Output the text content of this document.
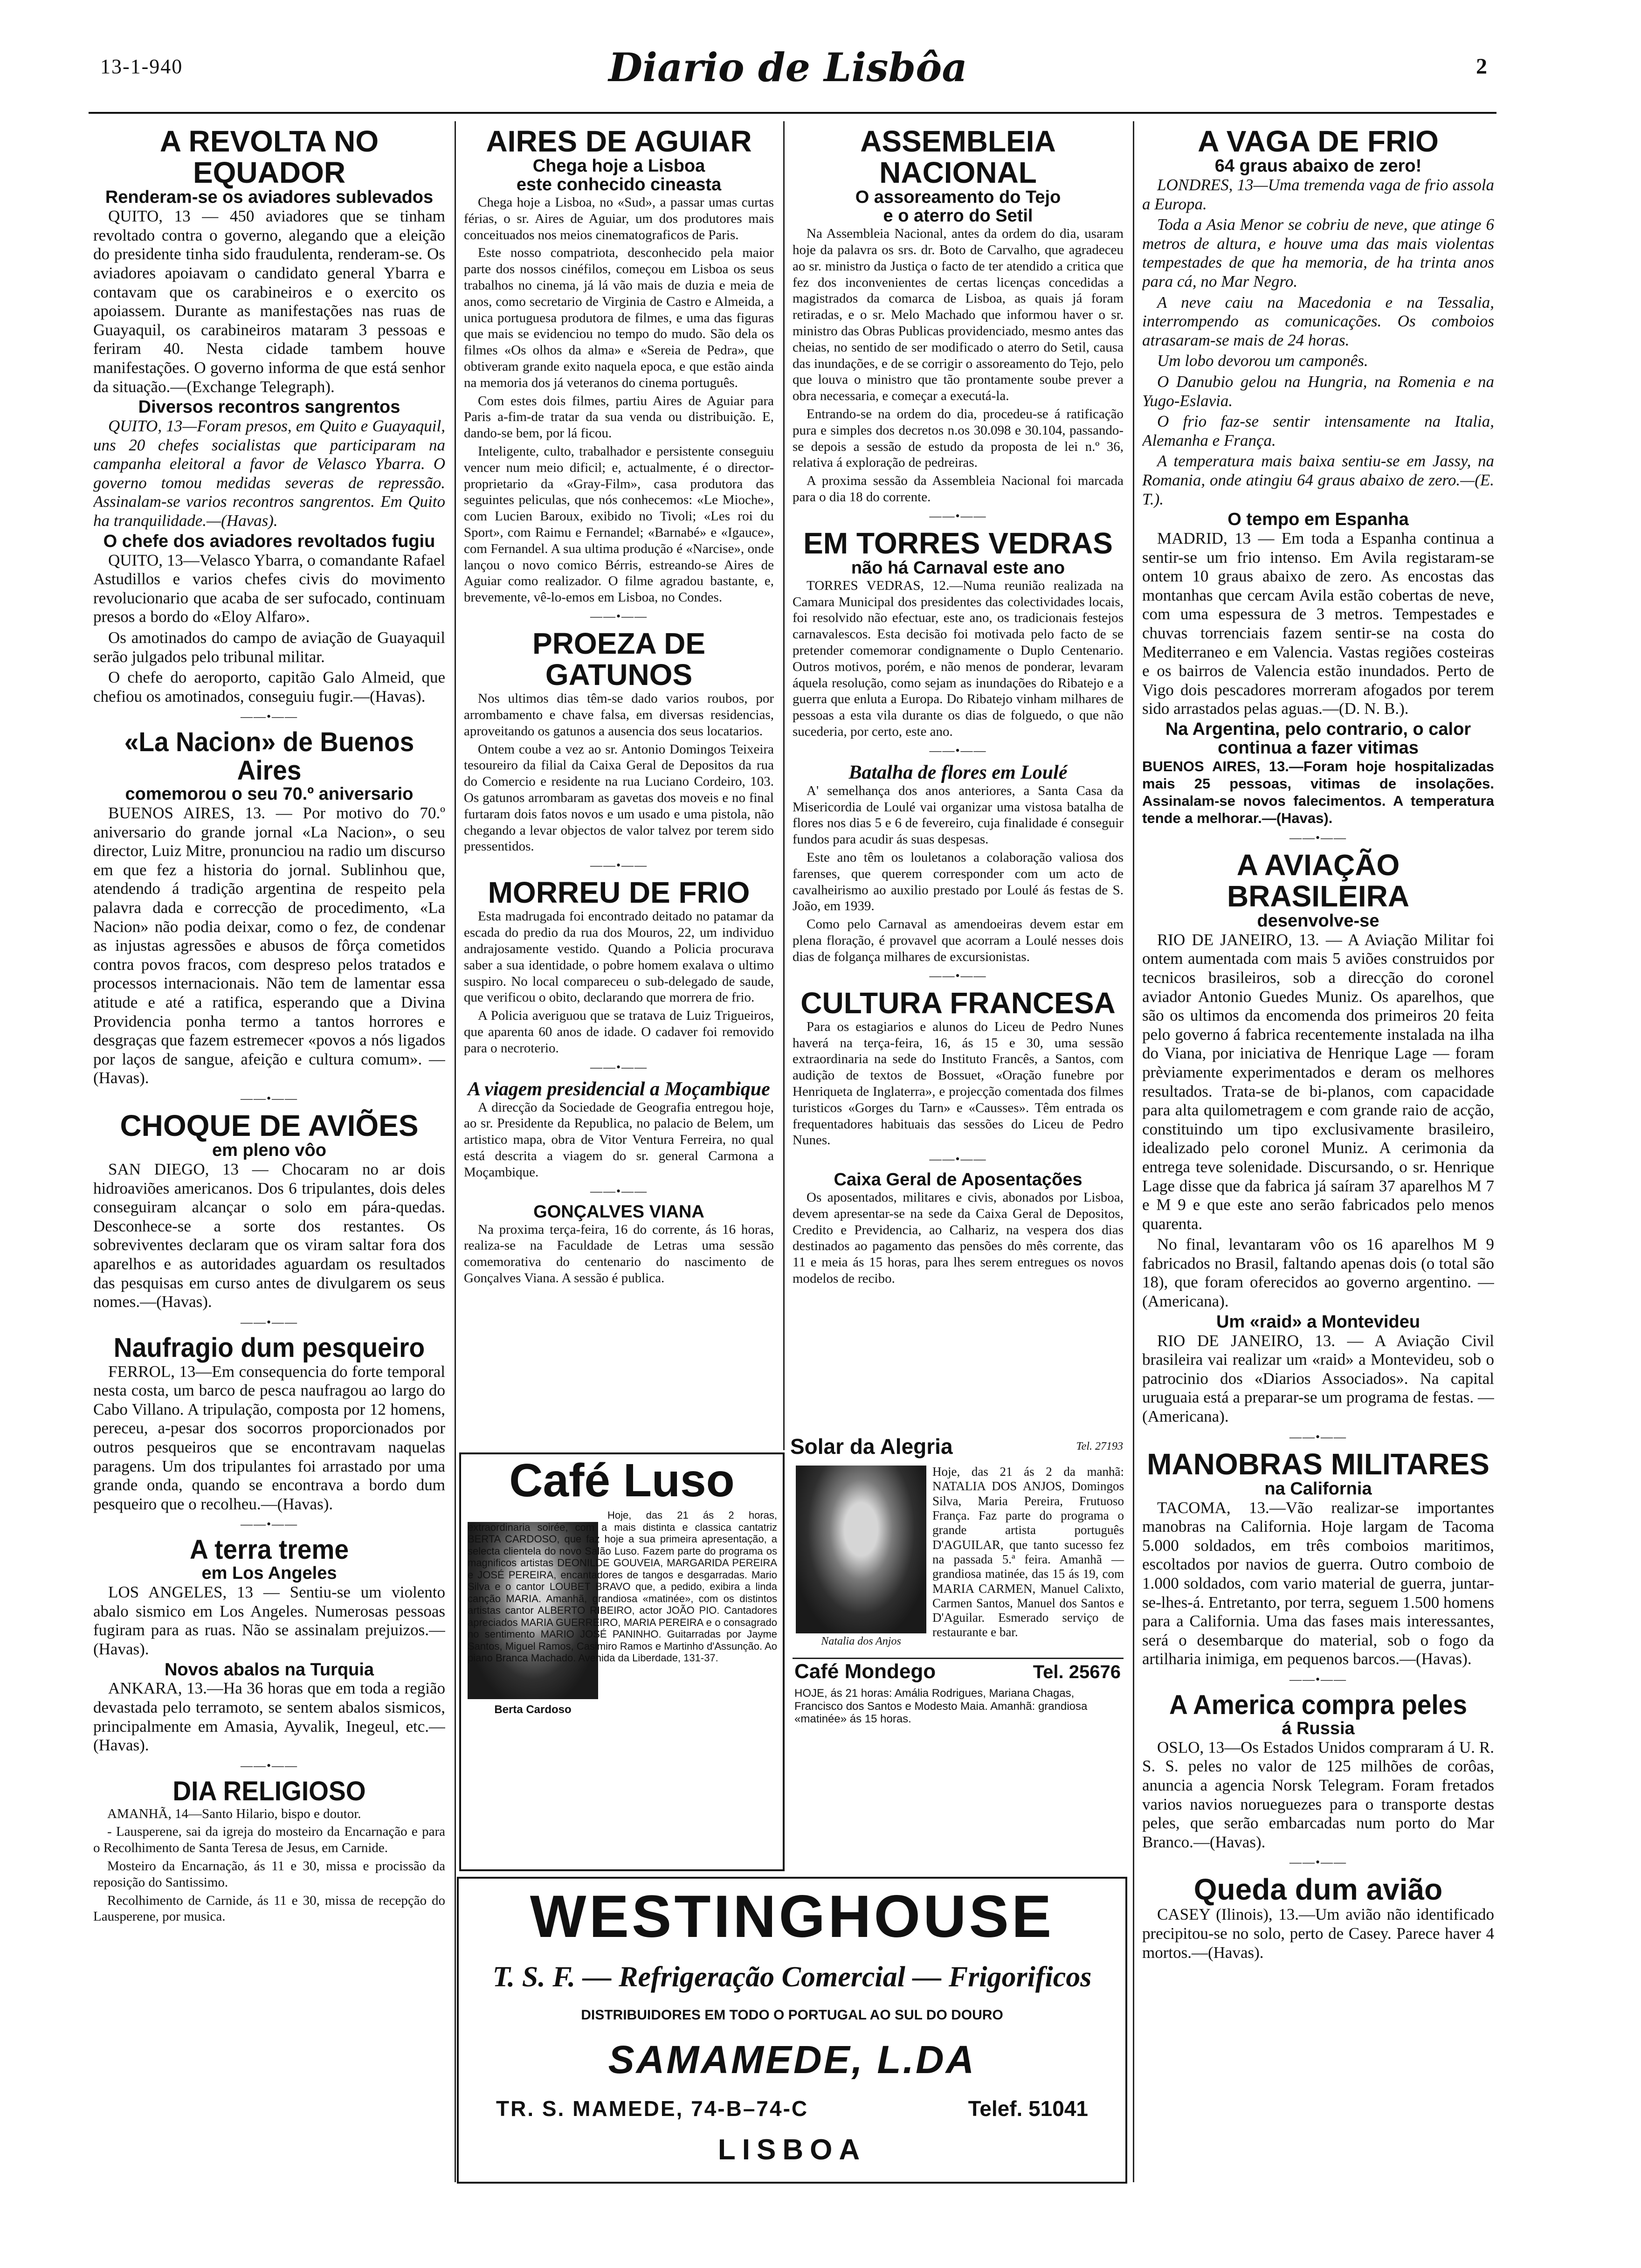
13-1-940	Diario de Lisbôa	2
A REVOLTA NO EQUADOR
Renderam-se os aviadores sublevados
QUITO, 13 — 450 aviadores que se tinham revoltado contra o governo, alegando que a eleição do presidente tinha sido fraudulenta, renderam-se. Os aviadores apoiavam o candidato general Ybarra e contavam que os carabineiros e o exercito os apoiassem. Durante as manifestações nas ruas de Guayaquil, os carabineiros mataram 3 pessoas e feriram 40. Nesta cidade tambem houve manifestações. O governo informa de que está senhor da situação.—(Exchange Telegraph).
Diversos recontros sangrentos
QUITO, 13—Foram presos, em Quito e Guayaquil, uns 20 chefes socialistas que participaram na campanha eleitoral a favor de Velasco Ybarra. O governo tomou medidas severas de repressão. Assinalam-se varios recontros sangrentos. Em Quito ha tranquilidade.—(Havas).
O chefe dos aviadores revoltados fugiu
QUITO, 13—Velasco Ybarra, o comandante Rafael Astudillos e varios chefes civis do movimento revolucionario que acaba de ser sufocado, continuam presos a bordo do «Eloy Alfaro».
Os amotinados do campo de aviação de Guayaquil serão julgados pelo tribunal militar.
O chefe do aeroporto, capitão Galo Almeid, que chefiou os amotinados, conseguiu fugir.—(Havas).
——•——
«La Nacion» de Buenos Aires
comemorou o seu 70.º aniversario
BUENOS AIRES, 13. — Por motivo do 70.º aniversario do grande jornal «La Nacion», o seu director, Luiz Mitre, pronunciou na radio um discurso em que fez a historia do jornal. Sublinhou que, atendendo á tradição argentina de respeito pela palavra dada e correcção de procedimento, «La Nacion» não podia deixar, como o fez, de condenar as injustas agressões e abusos de fôrça cometidos contra povos fracos, com despreso pelos tratados e processos internacionais. Não tem de lamentar essa atitude e até a ratifica, esperando que a Divina Providencia ponha termo a tantos horrores e desgraças que fazem estremecer «povos a nós ligados por laços de sangue, afeição e cultura comum». — (Havas).
——•——
CHOQUE DE AVIÕES
em pleno vôo
SAN DIEGO, 13 — Chocaram no ar dois hidroaviões americanos. Dos 6 tripulantes, dois deles conseguiram alcançar o solo em pára-quedas. Desconhece-se a sorte dos restantes. Os sobreviventes declaram que os viram saltar fora dos aparelhos e as autoridades aguardam os resultados das pesquisas em curso antes de divulgarem os seus nomes.—(Havas).
——•——
Naufragio dum pesqueiro
FERROL, 13—Em consequencia do forte temporal nesta costa, um barco de pesca naufragou ao largo do Cabo Villano. A tripulação, composta por 12 homens, pereceu, a-pesar dos socorros proporcionados por outros pesqueiros que se encontravam naquelas paragens. Um dos tripulantes foi arrastado por uma grande onda, quando se encontrava a bordo dum pesqueiro que o recolheu.—(Havas).
——•——
A terra treme
em Los Angeles
LOS ANGELES, 13 — Sentiu-se um violento abalo sismico em Los Angeles. Numerosas pessoas fugiram para as ruas. Não se assinalam prejuizos.—(Havas).
Novos abalos na Turquia
ANKARA, 13.—Ha 36 horas que em toda a região devastada pelo terramoto, se sentem abalos sismicos, principalmente em Amasia, Ayvalik, Inegeul, etc.—(Havas).
——•——
DIA RELIGIOSO
AMANHÃ, 14—Santo Hilario, bispo e doutor.
- Lausperene, sai da igreja do mosteiro da Encarnação e para o Recolhimento de Santa Teresa de Jesus, em Carnide.
Mosteiro da Encarnação, ás 11 e 30, missa e procissão da reposição do Santissimo.
Recolhimento de Carnide, ás 11 e 30, missa de recepção do Lausperene, por musica.
AIRES DE AGUIAR
Chega hoje a Lisboa
este conhecido cineasta
Chega hoje a Lisboa, no «Sud», a passar umas curtas férias, o sr. Aires de Aguiar, um dos produtores mais conceituados nos meios cinematograficos de Paris.
Este nosso compatriota, desconhecido pela maior parte dos nossos cinéfilos, começou em Lisboa os seus trabalhos no cinema, já lá vão mais de duzia e meia de anos, como secretario de Virginia de Castro e Almeida, a unica portuguesa produtora de filmes, e uma das figuras que mais se evidenciou no tempo do mudo. São dela os filmes «Os olhos da alma» e «Sereia de Pedra», que obtiveram grande exito naquela epoca, e que estão ainda na memoria dos já veteranos do cinema português.
Com estes dois filmes, partiu Aires de Aguiar para Paris a-fim-de tratar da sua venda ou distribuição. E, dando-se bem, por lá ficou.
Inteligente, culto, trabalhador e persistente conseguiu vencer num meio dificil; e, actualmente, é o director-proprietario da «Gray-Film», casa produtora das seguintes peliculas, que nós conhecemos: «Le Mioche», com Lucien Baroux, exibido no Tivoli; «Les roi du Sport», com Raimu e Fernandel; «Barnabé» e «Igauce», com Fernandel. A sua ultima produção é «Narcise», onde lançou o novo comico Bérris, estreando-se Aires de Aguiar como realizador. O filme agradou bastante, e, brevemente, vê-lo-emos em Lisboa, no Condes.
——•——
PROEZA DE GATUNOS
Nos ultimos dias têm-se dado varios roubos, por arrombamento e chave falsa, em diversas residencias, aproveitando os gatunos a ausencia dos seus locatarios.
Ontem coube a vez ao sr. Antonio Domingos Teixeira tesoureiro da filial da Caixa Geral de Depositos da rua do Comercio e residente na rua Luciano Cordeiro, 103. Os gatunos arrombaram as gavetas dos moveis e no final furtaram dois fatos novos e um usado e uma pistola, não chegando a levar objectos de valor talvez por terem sido pressentidos.
——•——
MORREU DE FRIO
Esta madrugada foi encontrado deitado no patamar da escada do predio da rua dos Mouros, 22, um individuo andrajosamente vestido. Quando a Policia procurava saber a sua identidade, o pobre homem exalava o ultimo suspiro. No local compareceu o sub-delegado de saude, que verificou o obito, declarando que morrera de frio.
A Policia averiguou que se tratava de Luiz Trigueiros, que aparenta 60 anos de idade. O cadaver foi removido para o necroterio.
——•——
A viagem presidencial a Moçambique
A direcção da Sociedade de Geografia entregou hoje, ao sr. Presidente da Republica, no palacio de Belem, um artistico mapa, obra de Vitor Ventura Ferreira, no qual está descrita a viagem do sr. general Carmona a Moçambique.
——•——
GONÇALVES VIANA
Na proxima terça-feira, 16 do corrente, ás 16 horas, realiza-se na Faculdade de Letras uma sessão comemorativa do centenario do nascimento de Gonçalves Viana. A sessão é publica.
ASSEMBLEIA NACIONAL
O assoreamento do Tejo
e o aterro do Setil
Na Assembleia Nacional, antes da ordem do dia, usaram hoje da palavra os srs. dr. Boto de Carvalho, que agradeceu ao sr. ministro da Justiça o facto de ter atendido a critica que fez dos inconvenientes de certas licenças concedidas a magistrados da comarca de Lisboa, as quais já foram retiradas, e o sr. Melo Machado que informou haver o sr. ministro das Obras Publicas providenciado, mesmo antes das cheias, no sentido de ser modificado o aterro do Setil, causa das inundações, e de se corrigir o assoreamento do Tejo, pelo que louva o ministro que tão prontamente soube prever a obra necessaria, e começar a executá-la.
Entrando-se na ordem do dia, procedeu-se á ratificação pura e simples dos decretos n.os 30.098 e 30.104, passando-se depois a sessão de estudo da proposta de lei n.º 36, relativa á exploração de pedreiras.
A proxima sessão da Assembleia Nacional foi marcada para o dia 18 do corrente.
——•——
EM TORRES VEDRAS
não há Carnaval este ano
TORRES VEDRAS, 12.—Numa reunião realizada na Camara Municipal dos presidentes das colectividades locais, foi resolvido não efectuar, este ano, os tradicionais festejos carnavalescos. Esta decisão foi motivada pelo facto de se pretender comemorar condignamente o Duplo Centenario. Outros motivos, porém, e não menos de ponderar, levaram áquela resolução, como sejam as inundações do Ribatejo e a guerra que enluta a Europa. Do Ribatejo vinham milhares de pessoas a esta vila durante os dias de folguedo, o que não sucederia, por certo, este ano.
——•——
Batalha de flores em Loulé
A' semelhança dos anos anteriores, a Santa Casa da Misericordia de Loulé vai organizar uma vistosa batalha de flores nos dias 5 e 6 de fevereiro, cuja finalidade é conseguir fundos para acudir ás suas despesas.
Este ano têm os louletanos a colaboração valiosa dos farenses, que querem corresponder com um acto de cavalheirismo ao auxilio prestado por Loulé ás festas de S. João, em 1939.
Como pelo Carnaval as amendoeiras devem estar em plena floração, é provavel que acorram a Loulé nesses dois dias de folgança milhares de excursionistas.
——•——
CULTURA FRANCESA
Para os estagiarios e alunos do Liceu de Pedro Nunes haverá na terça-feira, 16, ás 15 e 30, uma sessão extraordinaria na sede do Instituto Francês, a Santos, com audição de textos de Bossuet, «Oração funebre por Henriqueta de Inglaterra», e projecção comentada dos filmes turisticos «Gorges du Tarn» e «Causses». Têm entrada os frequentadores habituais das sessões do Liceu de Pedro Nunes.
——•——
Caixa Geral de Aposentações
Os aposentados, militares e civis, abonados por Lisboa, devem apresentar-se na sede da Caixa Geral de Depositos, Credito e Previdencia, ao Calhariz, na vespera dos dias destinados ao pagamento das pensões do mês corrente, das 11 e meia ás 15 horas, para lhes serem entregues os novos modelos de recibo.
A VAGA DE FRIO
64 graus abaixo de zero!
LONDRES, 13—Uma tremenda vaga de frio assola a Europa.
Toda a Asia Menor se cobriu de neve, que atinge 6 metros de altura, e houve uma das mais violentas tempestades de que ha memoria, de ha trinta anos para cá, no Mar Negro.
A neve caiu na Macedonia e na Tessalia, interrompendo as comunicações. Os comboios atrasaram-se mais de 24 horas.
Um lobo devorou um camponês.
O Danubio gelou na Hungria, na Romenia e na Yugo-Eslavia.
O frio faz-se sentir intensamente na Italia, Alemanha e França.
A temperatura mais baixa sentiu-se em Jassy, na Romania, onde atingiu 64 graus abaixo de zero.—(E. T.).
O tempo em Espanha
MADRID, 13 — Em toda a Espanha continua a sentir-se um frio intenso. Em Avila registaram-se ontem 10 graus abaixo de zero. As encostas das montanhas que cercam Avila estão cobertas de neve, com uma espessura de 3 metros. Tempestades e chuvas torrenciais fazem sentir-se na costa do Mediterraneo e em Valencia. Vastas regiões costeiras e os bairros de Valencia estão inundados. Perto de Vigo dois pescadores morreram afogados por terem sido arrastados pelas aguas.—(D. N. B.).
Na Argentina, pelo contrario, o calor continua a fazer vitimas
BUENOS AIRES, 13.—Foram hoje hospitalizadas mais 25 pessoas, vitimas de insolações. Assinalam-se novos falecimentos. A temperatura tende a melhorar.—(Havas).
——•——
A AVIAÇÃO BRASILEIRA
desenvolve-se
RIO DE JANEIRO, 13. — A Aviação Militar foi ontem aumentada com mais 5 aviões construidos por tecnicos brasileiros, sob a direcção do coronel aviador Antonio Guedes Muniz. Os aparelhos, que são os ultimos da encomenda dos primeiros 20 feita pelo governo á fabrica recentemente instalada na ilha do Viana, por iniciativa de Henrique Lage — foram prèviamente experimentados e deram os melhores resultados. Trata-se de bi-planos, com capacidade para alta quilometragem e com grande raio de acção, constituindo um tipo exclusivamente brasileiro, idealizado pelo coronel Muniz. A cerimonia da entrega teve solenidade. Discursando, o sr. Henrique Lage disse que da fabrica já saíram 37 aparelhos M 7 e M 9 e que este ano serão fabricados pelo menos quarenta.
No final, levantaram vôo os 16 aparelhos M 9 fabricados no Brasil, faltando apenas dois (o total são 18), que foram oferecidos ao governo argentino. — (Americana).
Um «raid» a Montevideu
RIO DE JANEIRO, 13. — A Aviação Civil brasileira vai realizar um «raid» a Montevideu, sob o patrocinio dos «Diarios Associados». Na capital uruguaia está a preparar-se um programa de festas. — (Americana).
——•——
MANOBRAS MILITARES
na California
TACOMA, 13.—Vão realizar-se importantes manobras na California. Hoje largam de Tacoma 5.000 soldados, em três comboios maritimos, escoltados por navios de guerra. Outro comboio de 1.000 soldados, com vario material de guerra, juntar-se-lhes-á. Entretanto, por terra, seguem 1.500 homens para a California. Uma das fases mais interessantes, será o desembarque do material, sob o fogo da artilharia inimiga, em pequenos barcos.—(Havas).
——•——
A America compra peles
á Russia
OSLO, 13—Os Estados Unidos compraram á U. R. S. S. peles no valor de 125 milhões de corôas, anuncia a agencia Norsk Telegram. Foram fretados varios navios norueguezes para o transporte destas peles, que serão embarcadas num porto do Mar Branco.—(Havas).
——•——
Queda dum avião
CASEY (Ilinois), 13.—Um avião não identificado precipitou-se no solo, perto de Casey. Parece haver 4 mortos.—(Havas).
Café Luso
Berta Cardoso
Hoje, das 21 ás 2 horas, extraordinaria soirée, com a mais distinta e classica cantatriz BERTA CARDOSO, que faz hoje a sua primeira apresentação, a selecta clientela do novo Salão Luso. Fazem parte do programa os magnificos artistas DEONILDE GOUVEIA, MARGARIDA PEREIRA e JOSÉ PEREIRA, encantadores de tangos e desgarradas. Mario Silva e o cantor LOUBET BRAVO que, a pedido, exibira a linda canção MARIA. Amanhã, grandiosa «matinée», com os distintos artistas cantor ALBERTO RIBEIRO, actor JOÃO PIO. Cantadores apreciados MARIA GUERREIRO, MARIA PEREIRA e o consagrado no sentimento MARIO JOSÉ PANINHO. Guitarradas por Jayme Santos, Miguel Ramos, Casimiro Ramos e Martinho d'Assunção. Ao piano Branca Machado. Avenida da Liberdade, 131-37.
Solar da Alegria	Tel. 27193
Natalia dos Anjos
Hoje, das 21 ás 2 da manhã: NATALIA DOS ANJOS, Domingos Silva, Maria Pereira, Frutuoso França. Faz parte do programa o grande artista português D'AGUILAR, que tanto sucesso fez na passada 5.ª feira. Amanhã — grandiosa matinée, das 15 ás 19, com MARIA CARMEN, Manuel Calixto, Carmen Santos, Manuel dos Santos e D'Aguilar. Esmerado serviço de restaurante e bar.
Café Mondego	Tel. 25676
HOJE, ás 21 horas: Amália Rodrigues, Mariana Chagas, Francisco dos Santos e Modesto Maia. Amanhã: grandiosa «matinée» ás 15 horas.
WESTINGHOUSE
T. S. F. — Refrigeração Comercial — Frigorificos
DISTRIBUIDORES EM TODO O PORTUGAL AO SUL DO DOURO
SAMAMEDE, L.DA
TR. S. MAMEDE, 74-B–74-C	Telef. 51041
LISBOA
